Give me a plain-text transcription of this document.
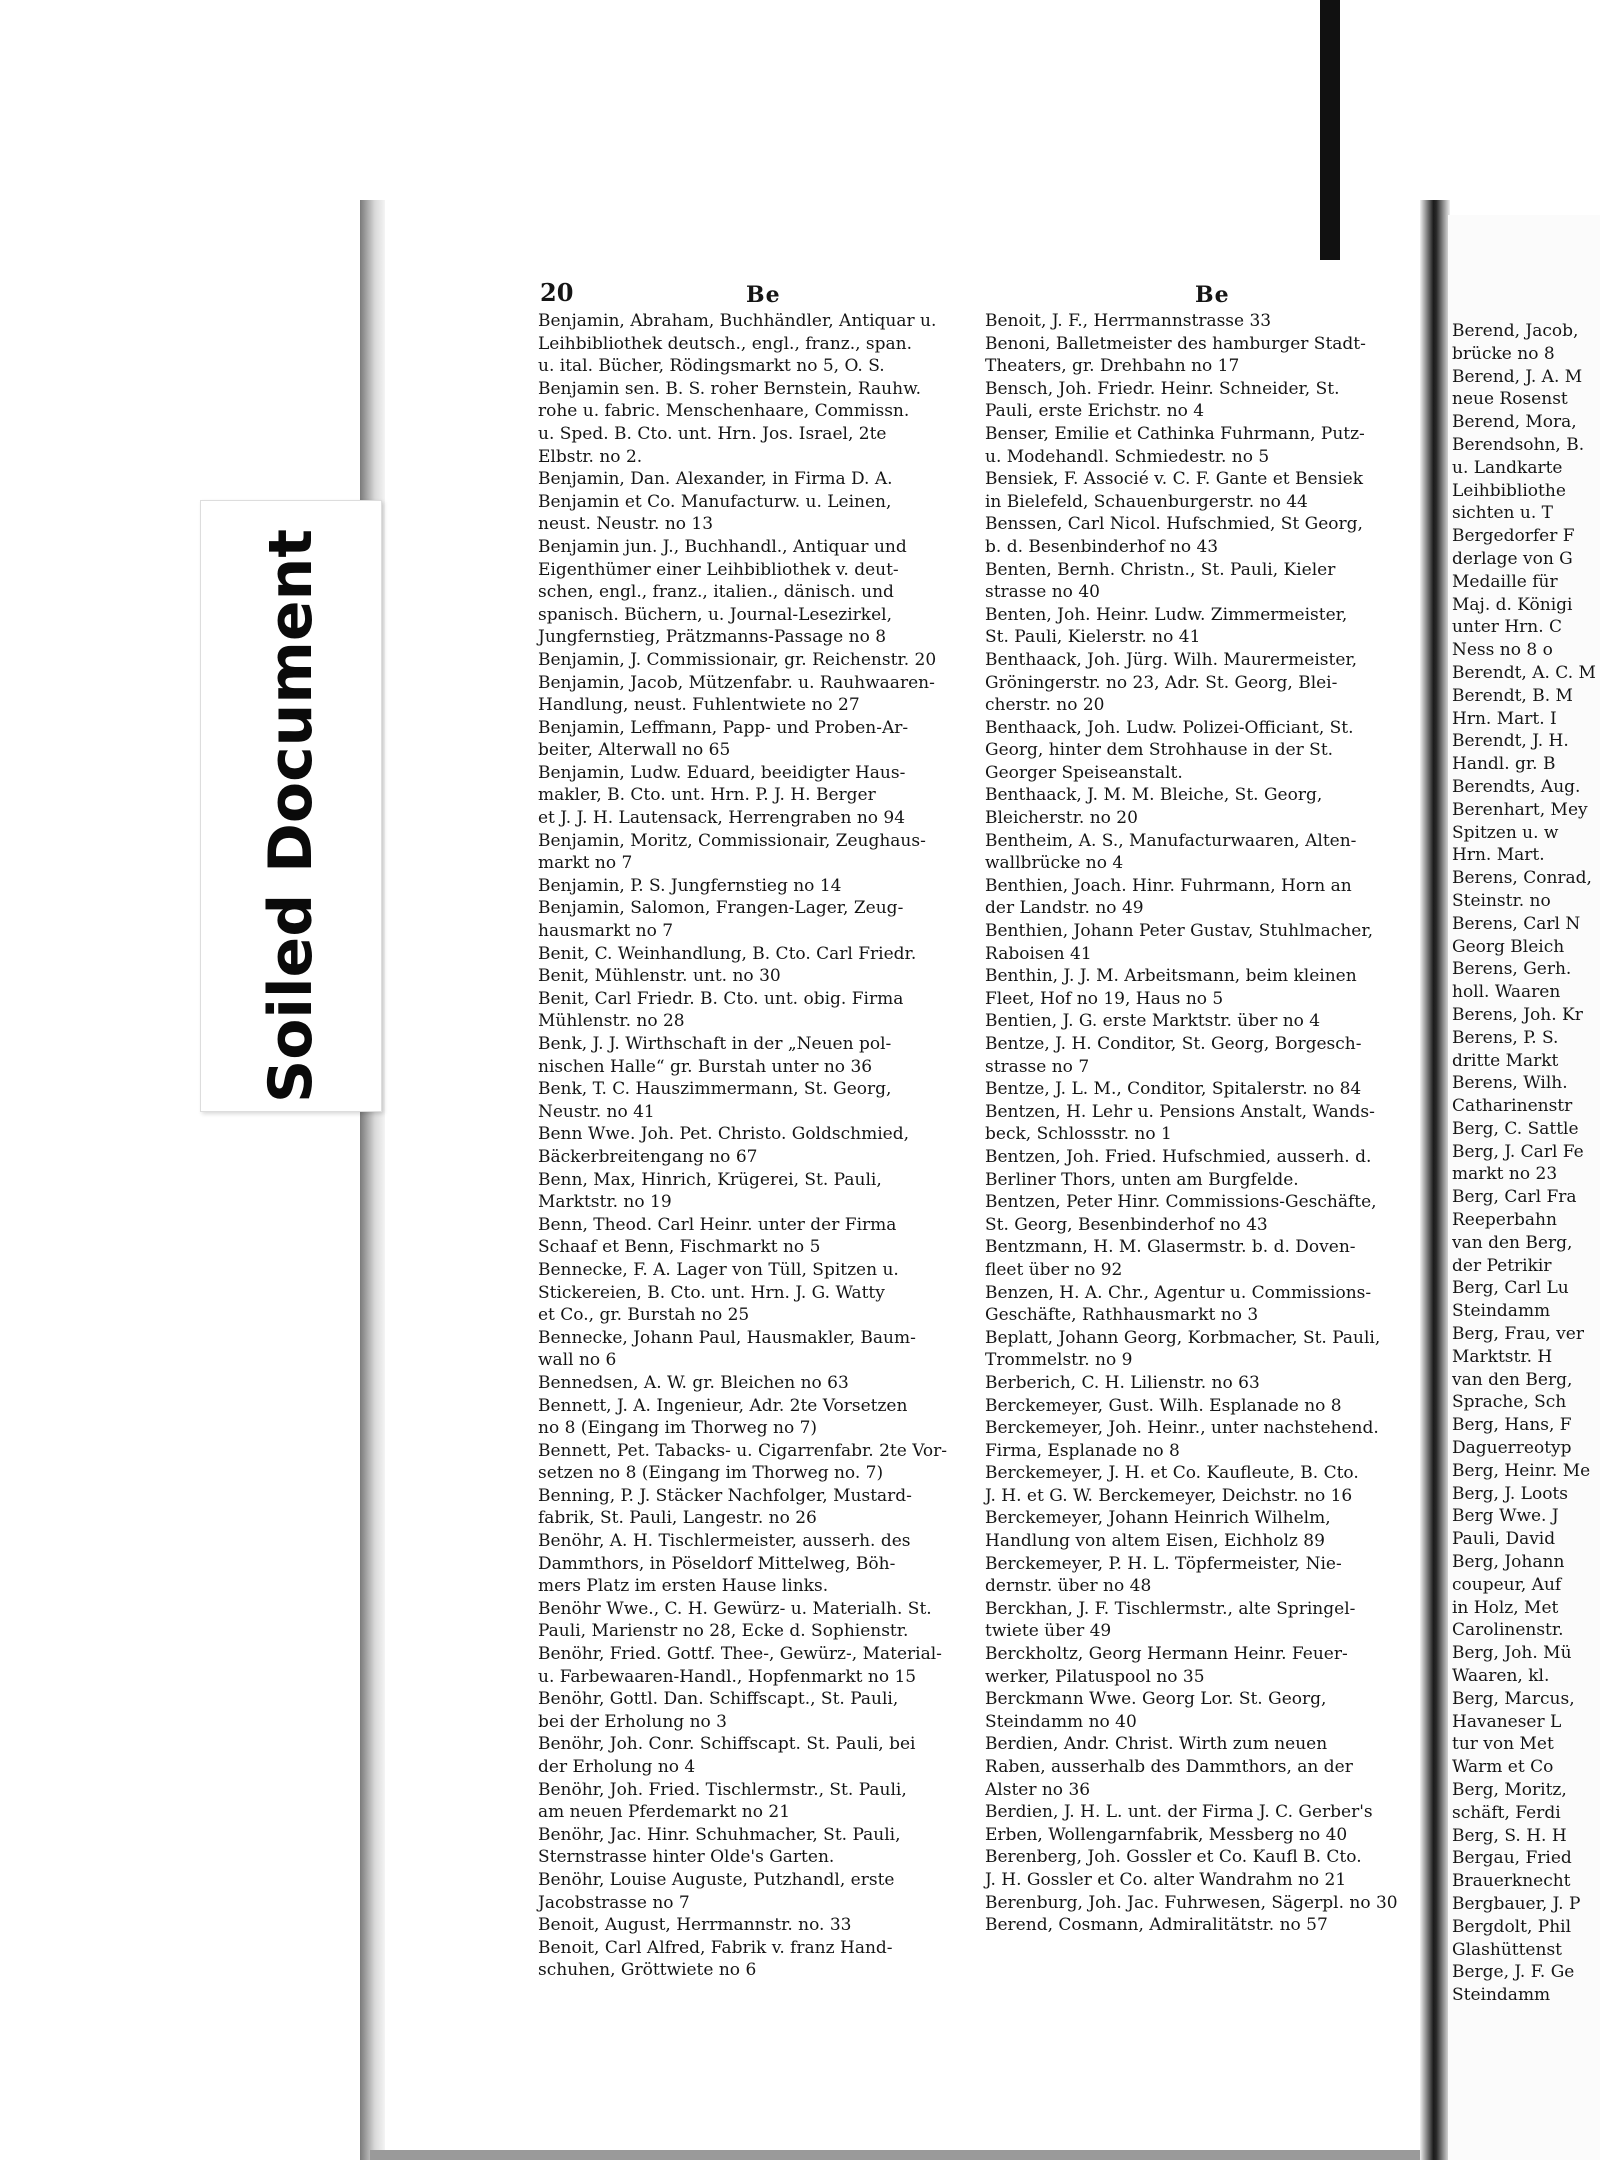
Soiled Document
20	Be	Be
Benjamin, Abraham, Buchhändler, Antiquar u.
Leihbibliothek deutsch., engl., franz., span.
u. ital. Bücher, Rödingsmarkt no 5, O. S.
Benjamin sen. B. S. roher Bernstein, Rauhw.
rohe u. fabric. Menschenhaare, Commissn.
u. Sped. B. Cto. unt. Hrn. Jos. Israel, 2te
Elbstr. no 2.
Benjamin, Dan. Alexander, in Firma D. A.
Benjamin et Co. Manufacturw. u. Leinen,
neust. Neustr. no 13
Benjamin jun. J., Buchhandl., Antiquar und
Eigenthümer einer Leihbibliothek v. deut-
schen, engl., franz., italien., dänisch. und
spanisch. Büchern, u. Journal-Lesezirkel,
Jungfernstieg, Prätzmanns-Passage no 8
Benjamin, J. Commissionair, gr. Reichenstr. 20
Benjamin, Jacob, Mützenfabr. u. Rauhwaaren-
Handlung, neust. Fuhlentwiete no 27
Benjamin, Leffmann, Papp- und Proben-Ar-
beiter, Alterwall no 65
Benjamin, Ludw. Eduard, beeidigter Haus-
makler, B. Cto. unt. Hrn. P. J. H. Berger
et J. J. H. Lautensack, Herrengraben no 94
Benjamin, Moritz, Commissionair, Zeughaus-
markt no 7
Benjamin, P. S. Jungfernstieg no 14
Benjamin, Salomon, Frangen-Lager, Zeug-
hausmarkt no 7
Benit, C. Weinhandlung, B. Cto. Carl Friedr.
Benit, Mühlenstr. unt. no 30
Benit, Carl Friedr. B. Cto. unt. obig. Firma
Mühlenstr. no 28
Benk, J. J. Wirthschaft in der „Neuen pol-
nischen Halle“ gr. Burstah unter no 36
Benk, T. C. Hauszimmermann, St. Georg,
Neustr. no 41
Benn Wwe. Joh. Pet. Christo. Goldschmied,
Bäckerbreitengang no 67
Benn, Max, Hinrich, Krügerei, St. Pauli,
Marktstr. no 19
Benn, Theod. Carl Heinr. unter der Firma
Schaaf et Benn, Fischmarkt no 5
Bennecke, F. A. Lager von Tüll, Spitzen u.
Stickereien, B. Cto. unt. Hrn. J. G. Watty
et Co., gr. Burstah no 25
Bennecke, Johann Paul, Hausmakler, Baum-
wall no 6
Bennedsen, A. W. gr. Bleichen no 63
Bennett, J. A. Ingenieur, Adr. 2te Vorsetzen
no 8 (Eingang im Thorweg no 7)
Bennett, Pet. Tabacks- u. Cigarrenfabr. 2te Vor-
setzen no 8 (Eingang im Thorweg no. 7)
Benning, P. J. Stäcker Nachfolger, Mustard-
fabrik, St. Pauli, Langestr. no 26
Benöhr, A. H. Tischlermeister, ausserh. des
Dammthors, in Pöseldorf Mittelweg, Böh-
mers Platz im ersten Hause links.
Benöhr Wwe., C. H. Gewürz- u. Materialh. St.
Pauli, Marienstr no 28, Ecke d. Sophienstr.
Benöhr, Fried. Gottf. Thee-, Gewürz-, Material-
u. Farbewaaren-Handl., Hopfenmarkt no 15
Benöhr, Gottl. Dan. Schiffscapt., St. Pauli,
bei der Erholung no 3
Benöhr, Joh. Conr. Schiffscapt. St. Pauli, bei
der Erholung no 4
Benöhr, Joh. Fried. Tischlermstr., St. Pauli,
am neuen Pferdemarkt no 21
Benöhr, Jac. Hinr. Schuhmacher, St. Pauli,
Sternstrasse hinter Olde's Garten.
Benöhr, Louise Auguste, Putzhandl, erste
Jacobstrasse no 7
Benoit, August, Herrmannstr. no. 33
Benoit, Carl Alfred, Fabrik v. franz Hand-
schuhen, Gröttwiete no 6
Benoit, J. F., Herrmannstrasse 33
Benoni, Balletmeister des hamburger Stadt-
Theaters, gr. Drehbahn no 17
Bensch, Joh. Friedr. Heinr. Schneider, St.
Pauli, erste Erichstr. no 4
Benser, Emilie et Cathinka Fuhrmann, Putz-
u. Modehandl. Schmiedestr. no 5
Bensiek, F. Associé v. C. F. Gante et Bensiek
in Bielefeld, Schauenburgerstr. no 44
Benssen, Carl Nicol. Hufschmied, St Georg,
b. d. Besenbinderhof no 43
Benten, Bernh. Christn., St. Pauli, Kieler
strasse no 40
Benten, Joh. Heinr. Ludw. Zimmermeister,
St. Pauli, Kielerstr. no 41
Benthaack, Joh. Jürg. Wilh. Maurermeister,
Gröningerstr. no 23, Adr. St. Georg, Blei-
cherstr. no 20
Benthaack, Joh. Ludw. Polizei-Officiant, St.
Georg, hinter dem Strohhause in der St.
Georger Speiseanstalt.
Benthaack, J. M. M. Bleiche, St. Georg,
Bleicherstr. no 20
Bentheim, A. S., Manufacturwaaren, Alten-
wallbrücke no 4
Benthien, Joach. Hinr. Fuhrmann, Horn an
der Landstr. no 49
Benthien, Johann Peter Gustav, Stuhlmacher,
Raboisen 41
Benthin, J. J. M. Arbeitsmann, beim kleinen
Fleet, Hof no 19, Haus no 5
Bentien, J. G. erste Marktstr. über no 4
Bentze, J. H. Conditor, St. Georg, Borgesch-
strasse no 7
Bentze, J. L. M., Conditor, Spitalerstr. no 84
Bentzen, H. Lehr u. Pensions Anstalt, Wands-
beck, Schlossstr. no 1
Bentzen, Joh. Fried. Hufschmied, ausserh. d.
Berliner Thors, unten am Burgfelde.
Bentzen, Peter Hinr. Commissions-Geschäfte,
St. Georg, Besenbinderhof no 43
Bentzmann, H. M. Glasermstr. b. d. Doven-
fleet über no 92
Benzen, H. A. Chr., Agentur u. Commissions-
Geschäfte, Rathhausmarkt no 3
Beplatt, Johann Georg, Korbmacher, St. Pauli,
Trommelstr. no 9
Berberich, C. H. Lilienstr. no 63
Berckemeyer, Gust. Wilh. Esplanade no 8
Berckemeyer, Joh. Heinr., unter nachstehend.
Firma, Esplanade no 8
Berckemeyer, J. H. et Co. Kaufleute, B. Cto.
J. H. et G. W. Berckemeyer, Deichstr. no 16
Berckemeyer, Johann Heinrich Wilhelm,
Handlung von altem Eisen, Eichholz 89
Berckemeyer, P. H. L. Töpfermeister, Nie-
dernstr. über no 48
Berckhan, J. F. Tischlermstr., alte Springel-
twiete über 49
Berckholtz, Georg Hermann Heinr. Feuer-
werker, Pilatuspool no 35
Berckmann Wwe. Georg Lor. St. Georg,
Steindamm no 40
Berdien, Andr. Christ. Wirth zum neuen
Raben, ausserhalb des Dammthors, an der
Alster no 36
Berdien, J. H. L. unt. der Firma J. C. Gerber's
Erben, Wollengarnfabrik, Messberg no 40
Berenberg, Joh. Gossler et Co. Kaufl B. Cto.
J. H. Gossler et Co. alter Wandrahm no 21
Berenburg, Joh. Jac. Fuhrwesen, Sägerpl. no 30
Berend, Cosmann, Admiralitätstr. no 57
Berend, Jacob,
brücke no 8
Berend, J. A. M
neue Rosenst
Berend, Mora,
Berendsohn, B.
u. Landkarte
Leihbibliothe
sichten u. T
Bergedorfer F
derlage von G
Medaille für
Maj. d. Königi
unter Hrn. C
Ness no 8 o
Berendt, A. C. M
Berendt, B. M
Hrn. Mart. I
Berendt, J. H.
Handl. gr. B
Berendts, Aug.
Berenhart, Mey
Spitzen u. w
Hrn. Mart.
Berens, Conrad,
Steinstr. no
Berens, Carl N
Georg Bleich
Berens, Gerh.
holl. Waaren
Berens, Joh. Kr
Berens, P. S.
dritte Markt
Berens, Wilh.
Catharinenstr
Berg, C. Sattle
Berg, J. Carl Fe
markt no 23
Berg, Carl Fra
Reeperbahn
van den Berg,
der Petrikir
Berg, Carl Lu
Steindamm
Berg, Frau, ver
Marktstr. H
van den Berg,
Sprache, Sch
Berg, Hans, F
Daguerreotyp
Berg, Heinr. Me
Berg, J. Loots
Berg Wwe. J
Pauli, David
Berg, Johann
coupeur, Auf
in Holz, Met
Carolinenstr.
Berg, Joh. Mü
Waaren, kl.
Berg, Marcus,
Havaneser L
tur von Met
Warm et Co
Berg, Moritz,
schäft, Ferdi
Berg, S. H. H
Bergau, Fried
Brauerknecht
Bergbauer, J. P
Bergdolt, Phil
Glashüttenst
Berge, J. F. Ge
Steindamm
